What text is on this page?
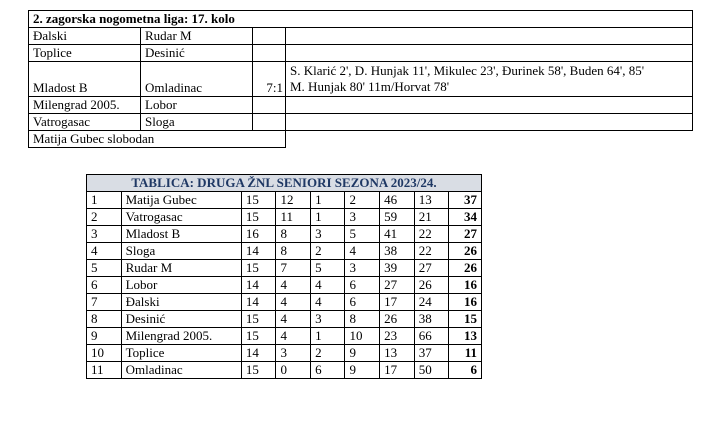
2. zagorska nogometna liga: 17. kolo			
Đalski	Rudar M		
Toplice	Desinić		
Mladost B	Omladinac	7:1	S. Klarić 2', D. Hunjak 11', Mikulec 23', Đurinek 58', Buden 64', 85'
M. Hunjak 80' 11m/Horvat 78'

Milengrad 2005.	Lobor		
Vatrogasac	Sloga		
Matija Gubec slobodan			
TABLICA: DRUGA ŽNL SENIORI SEZONA 2023/24.								
1	Matija Gubec	15	12	1	2	46	13	37
2	Vatrogasac	15	11	1	3	59	21	34
3	Mladost B	16	8	3	5	41	22	27
4	Sloga	14	8	2	4	38	22	26
5	Rudar M	15	7	5	3	39	27	26
6	Lobor	14	4	4	6	27	26	16
7	Đalski	14	4	4	6	17	24	16
8	Desinić	15	4	3	8	26	38	15
9	Milengrad 2005.	15	4	1	10	23	66	13
10	Toplice	14	3	2	9	13	37	11
11	Omladinac	15	0	6	9	17	50	6
